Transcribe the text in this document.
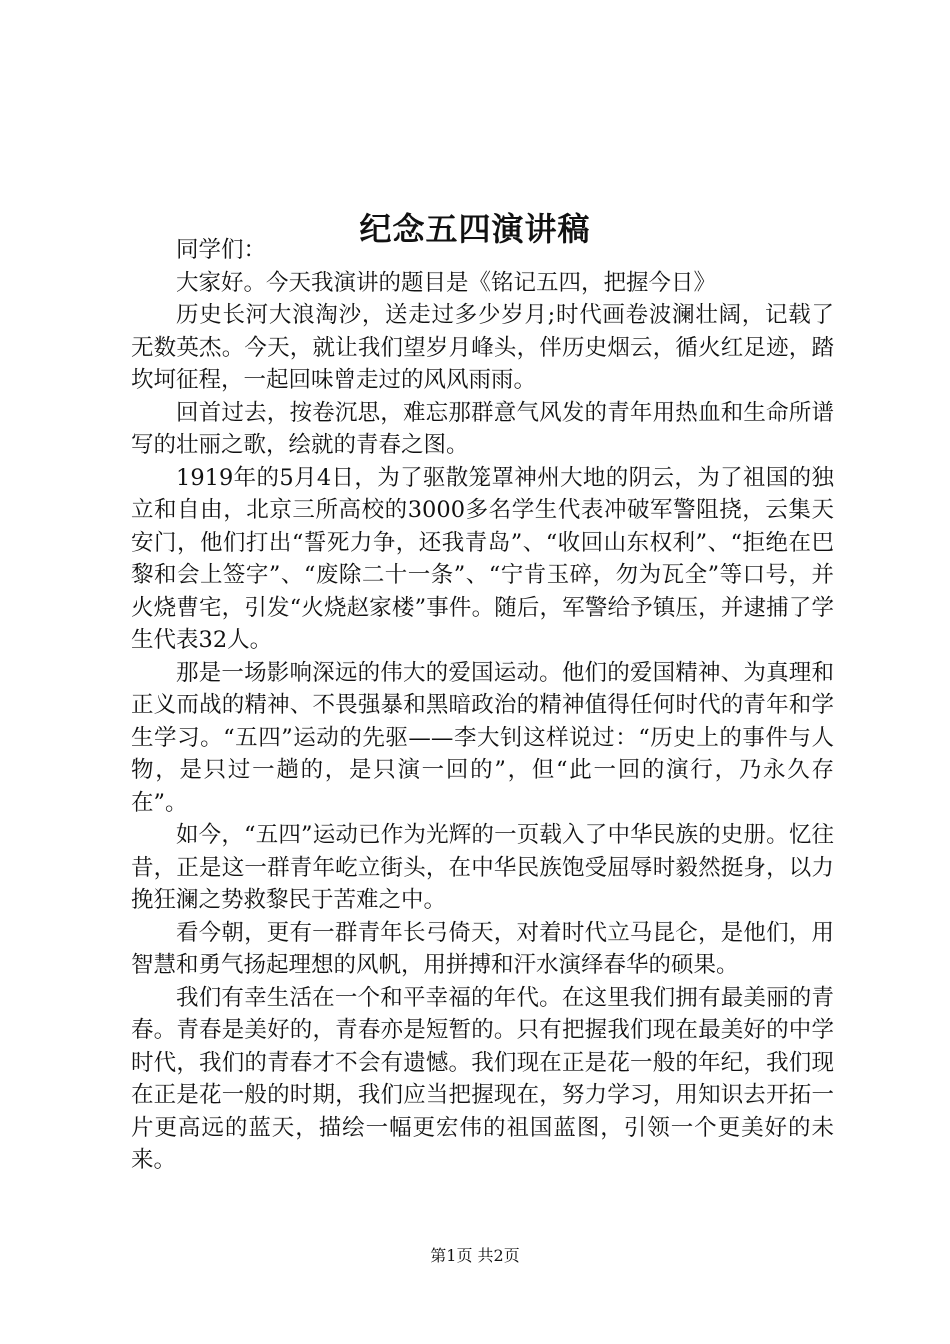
纪念五四演讲稿

同学们：

大家好。今天我演讲的题目是《铭记五四，把握今日》

历史长河大浪淘沙，送走过多少岁月;时代画卷波澜壮阔，记载了无数英杰。今天，就让我们望岁月峰头，伴历史烟云，循火红足迹，踏坎坷征程，一起回味曾走过的风风雨雨。

回首过去，按卷沉思，难忘那群意气风发的青年用热血和生命所谱写的壮丽之歌，绘就的青春之图。

1919年的5月4日，为了驱散笼罩神州大地的阴云，为了祖国的独立和自由，北京三所高校的3000多名学生代表冲破军警阻挠，云集天安门，他们打出“誓死力争，还我青岛”、“收回山东权利”、“拒绝在巴黎和会上签字”、“废除二十一条”、“宁肯玉碎，勿为瓦全”等口号，并火烧曹宅，引发“火烧赵家楼”事件。随后，军警给予镇压，并逮捕了学生代表32人。

那是一场影响深远的伟大的爱国运动。他们的爱国精神、为真理和正义而战的精神、不畏强暴和黑暗政治的精神值得任何时代的青年和学生学习。“五四”运动的先驱——李大钊这样说过：“历史上的事件与人物，是只过一趟的，是只演一回的”，但“此一回的演行，乃永久存在”。

如今，“五四”运动已作为光辉的一页载入了中华民族的史册。忆往昔，正是这一群青年屹立街头，在中华民族饱受屈辱时毅然挺身，以力挽狂澜之势救黎民于苦难之中。

看今朝，更有一群青年长弓倚天，对着时代立马昆仑，是他们，用智慧和勇气扬起理想的风帆，用拼搏和汗水演绎春华的硕果。

我们有幸生活在一个和平幸福的年代。在这里我们拥有最美丽的青春。青春是美好的，青春亦是短暂的。只有把握我们现在最美好的中学时代，我们的青春才不会有遗憾。我们现在正是花一般的年纪，我们现在正是花一般的时期，我们应当把握现在，努力学习，用知识去开拓一片更高远的蓝天，描绘一幅更宏伟的祖国蓝图，引领一个更美好的未来。

第1页 共2页
